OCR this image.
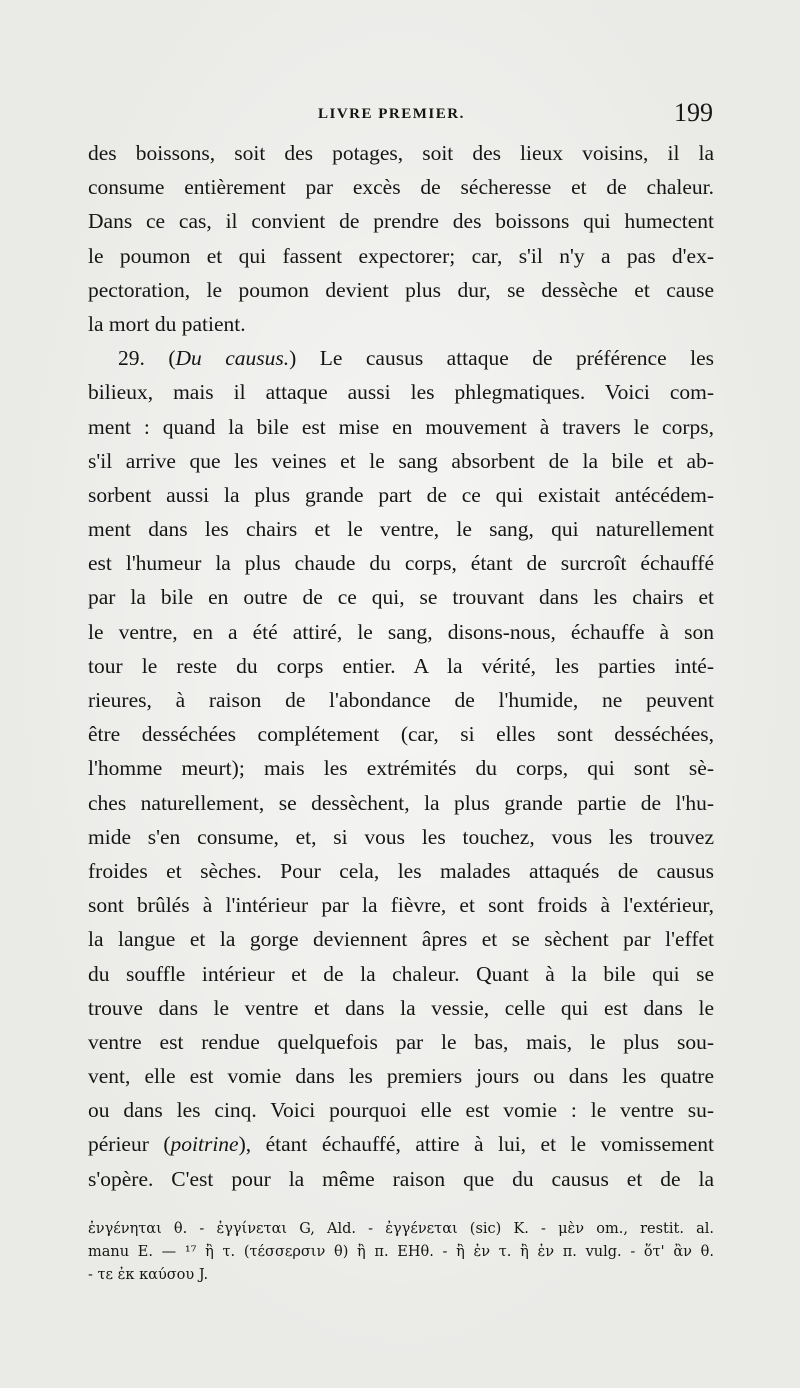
LIVRE PREMIER.	199

des boissons, soit des potages, soit des lieux voisins, il la
consume entièrement par excès de sécheresse et de chaleur.
Dans ce cas, il convient de prendre des boissons qui humectent
le poumon et qui fassent expectorer; car, s'il n'y a pas d'ex-
pectoration, le poumon devient plus dur, se dessèche et cause
la mort du patient.

29. (Du causus.) Le causus attaque de préférence les
bilieux, mais il attaque aussi les phlegmatiques. Voici com-
ment : quand la bile est mise en mouvement à travers le corps,
s'il arrive que les veines et le sang absorbent de la bile et ab-
sorbent aussi la plus grande part de ce qui existait antécédem-
ment dans les chairs et le ventre, le sang, qui naturellement
est l'humeur la plus chaude du corps, étant de surcroît échauffé
par la bile en outre de ce qui, se trouvant dans les chairs et
le ventre, en a été attiré, le sang, disons-nous, échauffe à son
tour le reste du corps entier. A la vérité, les parties inté-
rieures, à raison de l'abondance de l'humide, ne peuvent
être desséchées complétement (car, si elles sont desséchées,
l'homme meurt); mais les extrémités du corps, qui sont sè-
ches naturellement, se dessèchent, la plus grande partie de l'hu-
mide s'en consume, et, si vous les touchez, vous les trouvez
froides et sèches. Pour cela, les malades attaqués de causus
sont brûlés à l'intérieur par la fièvre, et sont froids à l'extérieur,
la langue et la gorge deviennent âpres et se sèchent par l'effet
du souffle intérieur et de la chaleur. Quant à la bile qui se
trouve dans le ventre et dans la vessie, celle qui est dans le
ventre est rendue quelquefois par le bas, mais, le plus sou-
vent, elle est vomie dans les premiers jours ou dans les quatre
ou dans les cinq. Voici pourquoi elle est vomie : le ventre su-
périeur (poitrine), étant échauffé, attire à lui, et le vomissement
s'opère. C'est pour la même raison que du causus et de la

ἐνγένηται θ. - ἐγγίνεται G, Ald. - ἐγγένεται (sic) K. - μὲν om., restit. al.
manu E. — ¹⁷ ἢ τ. (τέσσερσιν θ) ἢ π. EHθ. - ἢ ἐν τ. ἢ ἐν π. vulg. - ὅτ' ἂν θ.
- τε ἐκ καύσου J.
